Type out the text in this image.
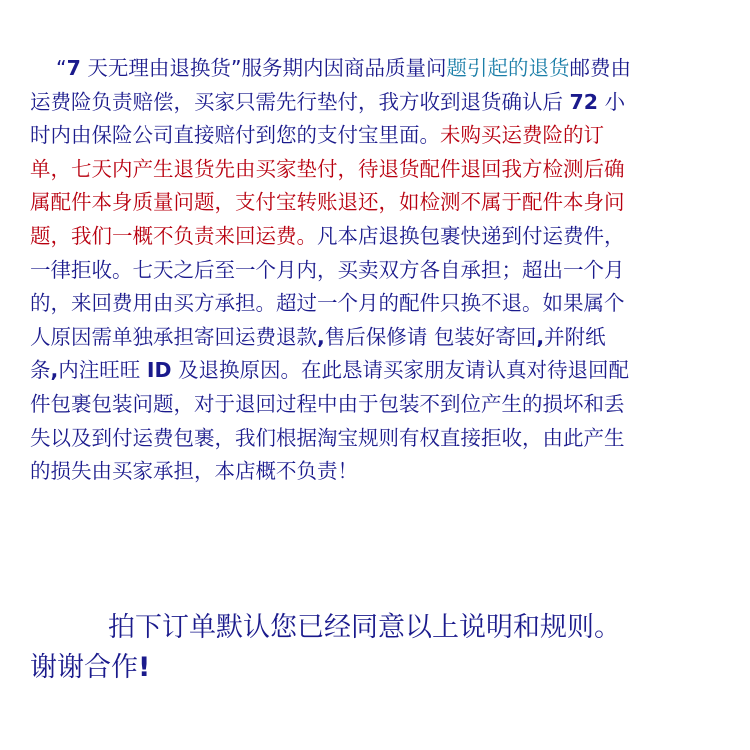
“7 天无理由退换货”服务期内因商品质量问题引起的退货邮费由
运费险负责赔偿，买家只需先行垫付，我方收到退货确认后 72 小
时内由保险公司直接赔付到您的支付宝里面。未购买运费险的订
单，七天内产生退货先由买家垫付，待退货配件退回我方检测后确
属配件本身质量问题，支付宝转账退还，如检测不属于配件本身问
题，我们一概不负责来回运费。凡本店退换包裹快递到付运费件，
一律拒收。七天之后至一个月内，买卖双方各自承担；超出一个月
的，来回费用由买方承担。超过一个月的配件只换不退。如果属个
人原因需单独承担寄回运费退款,售后保修请 包装好寄回,并附纸
条,内注旺旺 ID 及退换原因。在此恳请买家朋友请认真对待退回配
件包裹包装问题，对于退回过程中由于包装不到位产生的损坏和丢
失以及到付运费包裹，我们根据淘宝规则有权直接拒收，由此产生
的损失由买家承担，本店概不负责！
拍下订单默认您已经同意以上说明和规则。
谢谢合作!
